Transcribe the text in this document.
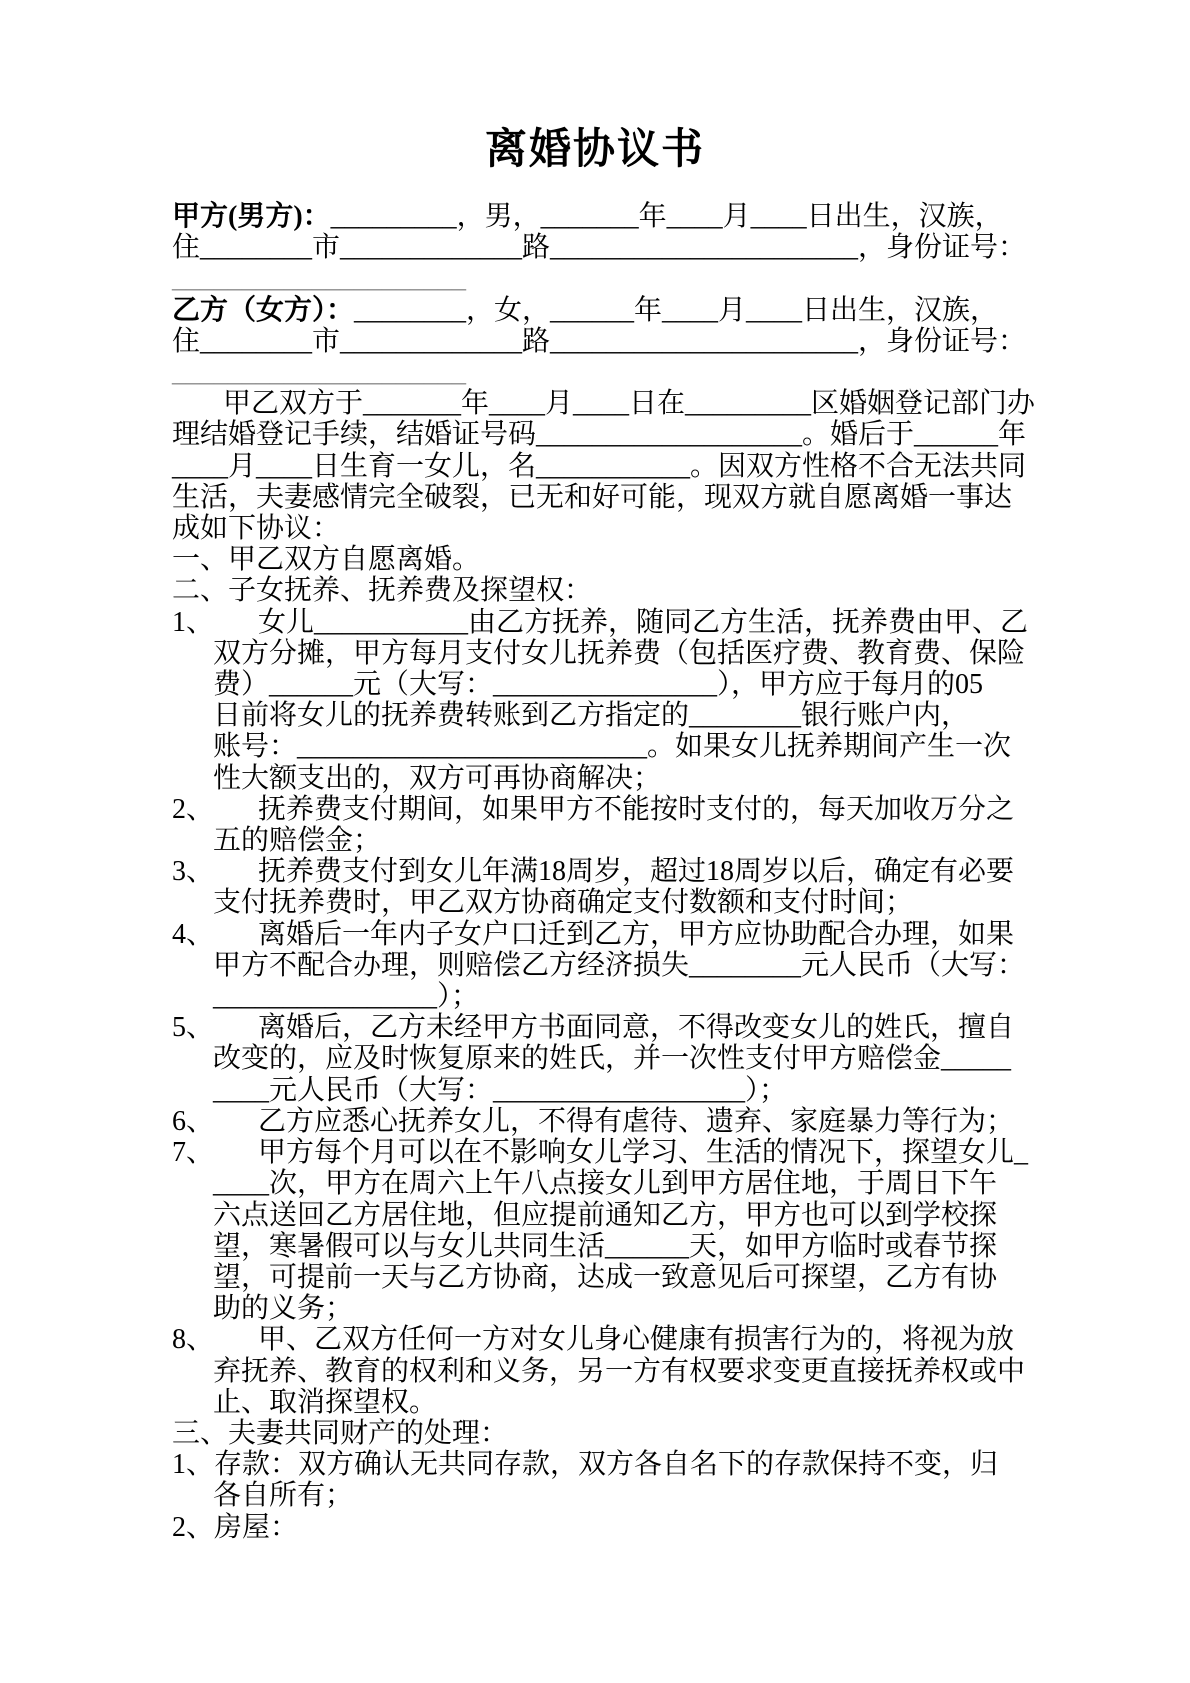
离婚协议书
甲方(男方)：_________，男，_______年____月____日出生，汉族，
住________市_____________路______________________，身份证号：
_____________________
乙方（女方）：________，女，______年____月____日出生，汉族，
住________市_____________路______________________，身份证号：
_____________________
甲乙双方于_______年____月____日在_________区婚姻登记部门办
理结婚登记手续，结婚证号码___________________。婚后于______年
____月____日生育一女儿，名___________。因双方性格不合无法共同
生活，夫妻感情完全破裂，已无和好可能，现双方就自愿离婚一事达
成如下协议：
一、甲乙双方自愿离婚。
二、子女抚养、抚养费及探望权：
1、 女儿___________由乙方抚养，随同乙方生活，抚养费由甲、乙
双方分摊，甲方每月支付女儿抚养费（包括医疗费、教育费、保险
费）______元（大写：________________），甲方应于每月的05
日前将女儿的抚养费转账到乙方指定的________银行账户内，
账号：_________________________。如果女儿抚养期间产生一次
性大额支出的，双方可再协商解决；
2、 抚养费支付期间，如果甲方不能按时支付的，每天加收万分之
五的赔偿金；
3、 抚养费支付到女儿年满18周岁，超过18周岁以后，确定有必要
支付抚养费时，甲乙双方协商确定支付数额和支付时间；
4、 离婚后一年内子女户口迁到乙方，甲方应协助配合办理，如果
甲方不配合办理，则赔偿乙方经济损失________元人民币（大写：
________________）；
5、 离婚后，乙方未经甲方书面同意，不得改变女儿的姓氏，擅自
改变的，应及时恢复原来的姓氏，并一次性支付甲方赔偿金_____
____元人民币（大写：__________________）；
6、 乙方应悉心抚养女儿，不得有虐待、遗弃、家庭暴力等行为；
7、 甲方每个月可以在不影响女儿学习、生活的情况下，探望女儿_
____次，甲方在周六上午八点接女儿到甲方居住地，于周日下午
六点送回乙方居住地，但应提前通知乙方，甲方也可以到学校探
望，寒暑假可以与女儿共同生活______天，如甲方临时或春节探
望，可提前一天与乙方协商，达成一致意见后可探望，乙方有协
助的义务；
8、 甲、乙双方任何一方对女儿身心健康有损害行为的，将视为放
弃抚养、教育的权利和义务，另一方有权要求变更直接抚养权或中
止、取消探望权。
三、夫妻共同财产的处理：
1、存款：双方确认无共同存款，双方各自名下的存款保持不变，归
各自所有；
2、房屋：
